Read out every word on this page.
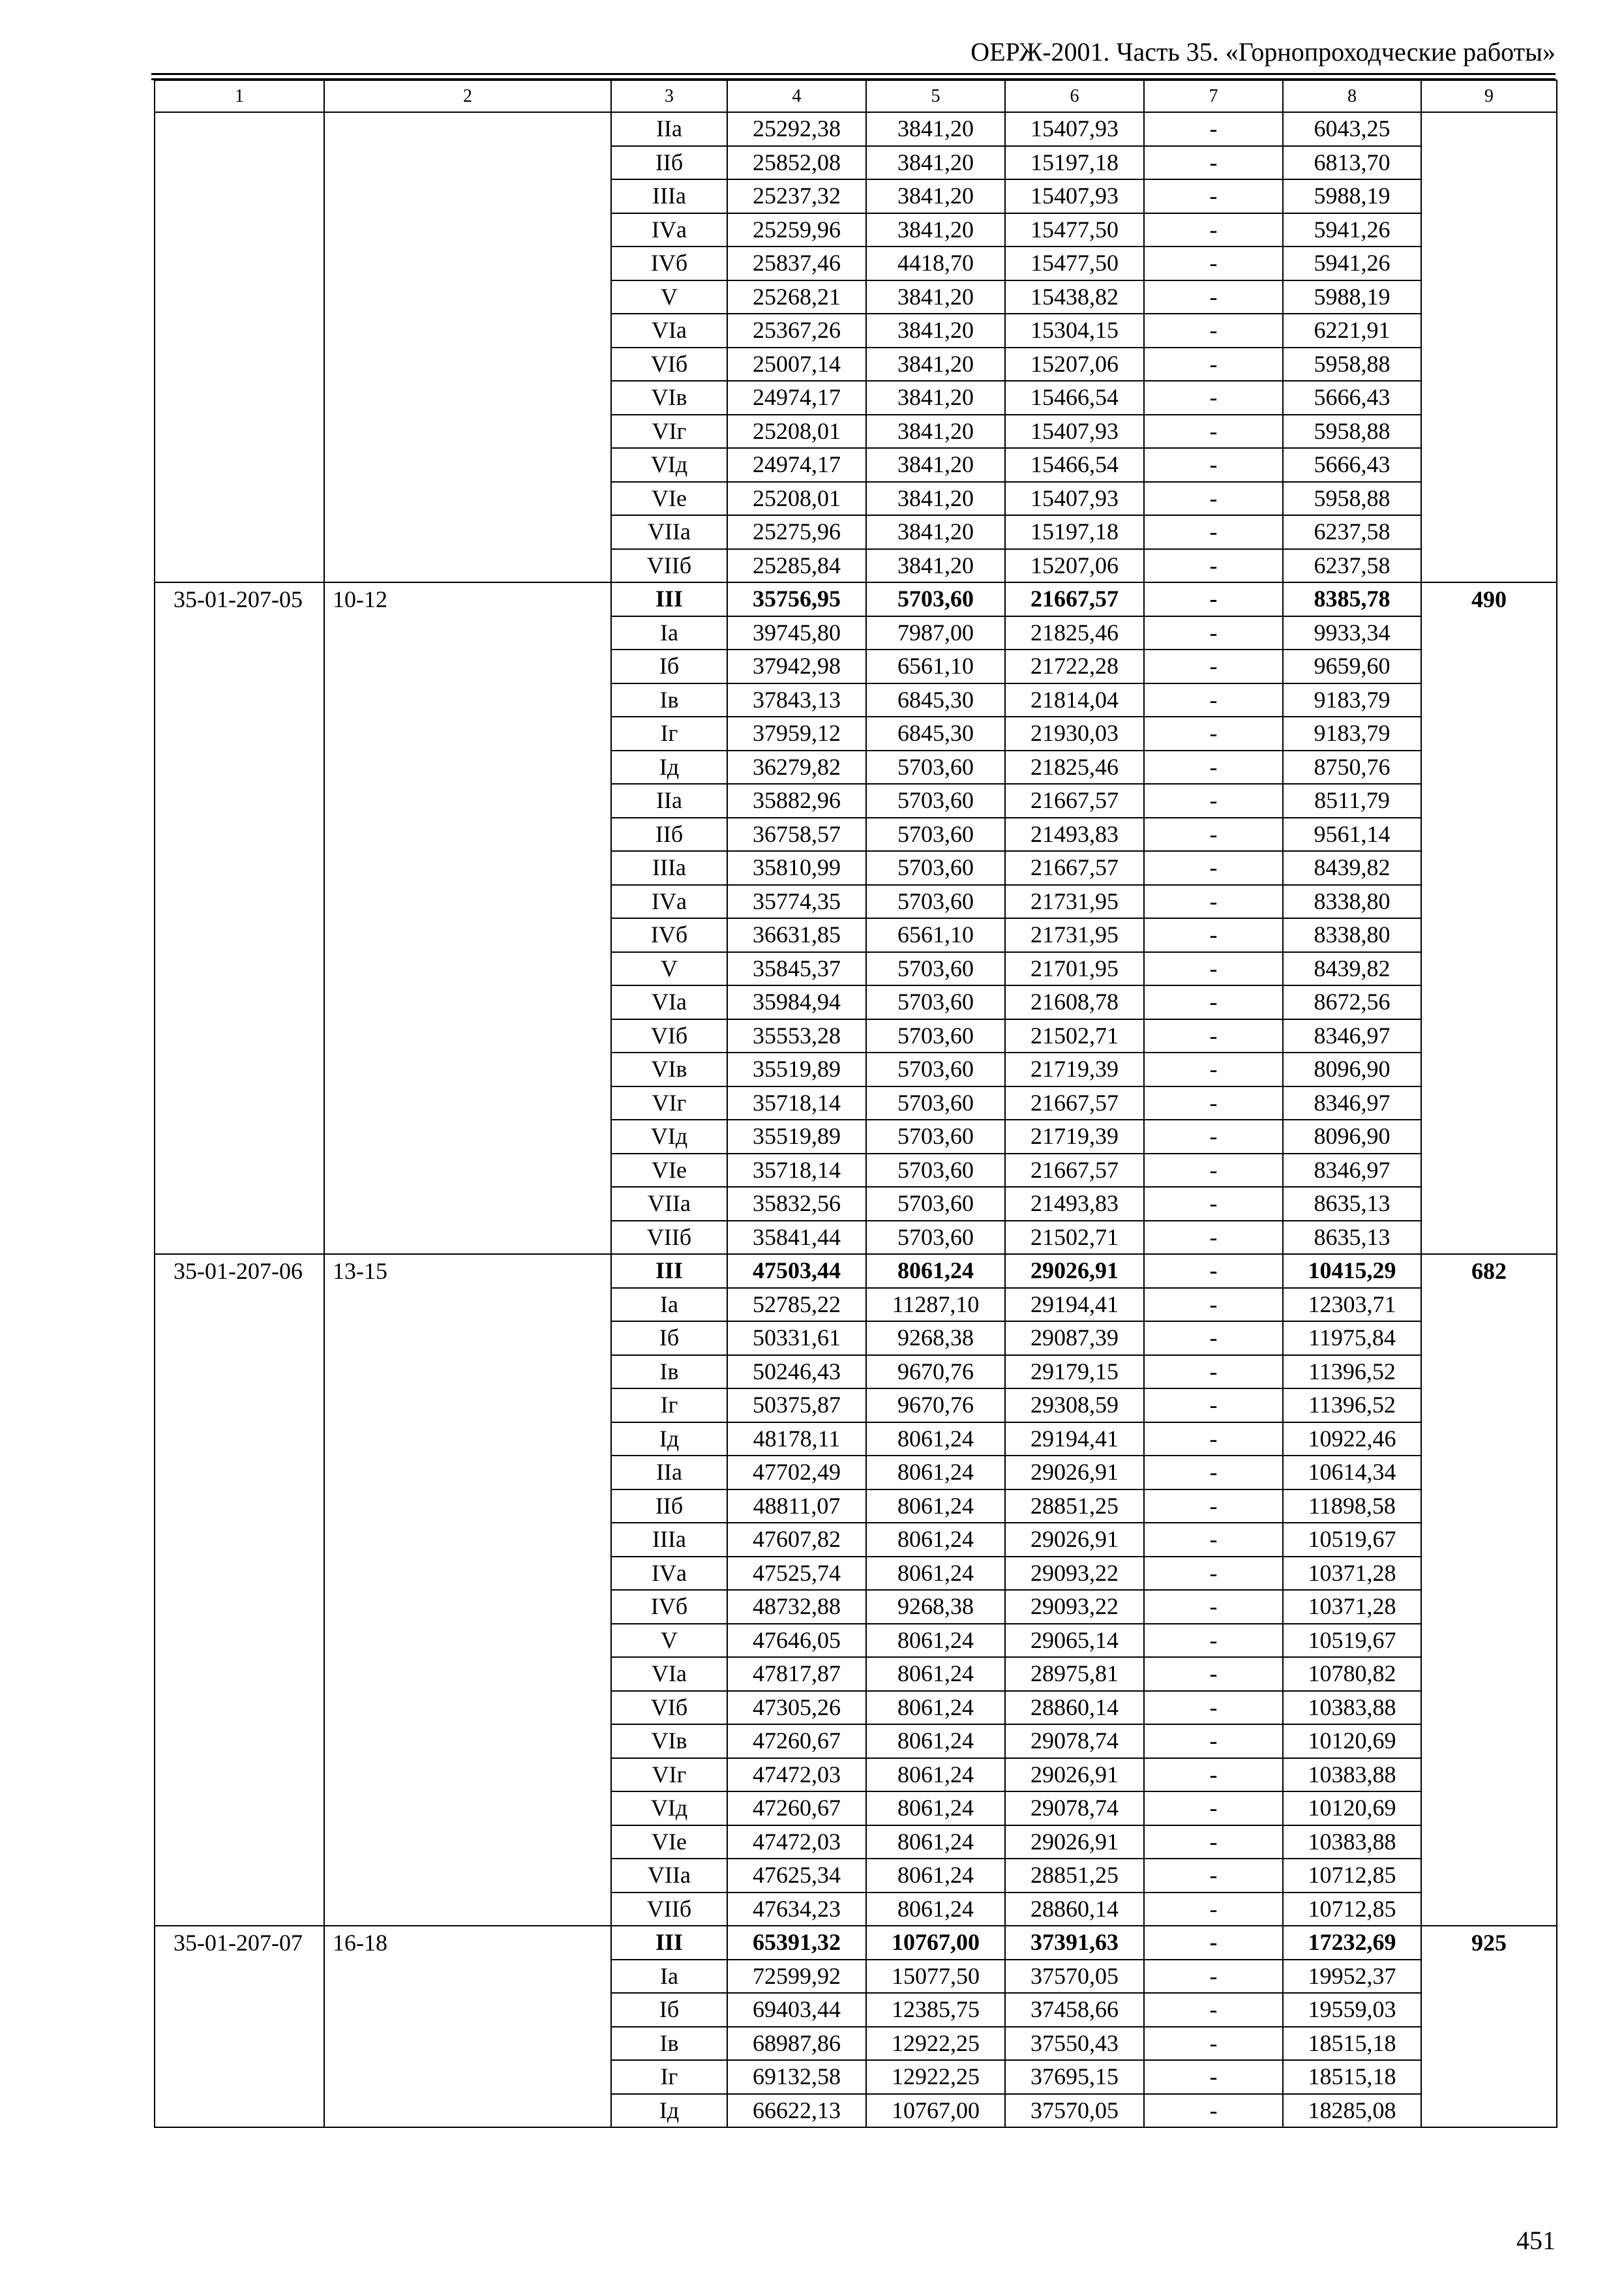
ОЕРЖ-2001. Часть 35. «Горнопроходческие работы»
1	2	3	4	5	6	7	8	9
		IIа	25292,38	3841,20	15407,93	-	6043,25	
		IIб	25852,08	3841,20	15197,18	-	6813,70	
		IIIа	25237,32	3841,20	15407,93	-	5988,19	
		IVа	25259,96	3841,20	15477,50	-	5941,26	
		IVб	25837,46	4418,70	15477,50	-	5941,26	
		V	25268,21	3841,20	15438,82	-	5988,19	
		VIа	25367,26	3841,20	15304,15	-	6221,91	
		VIб	25007,14	3841,20	15207,06	-	5958,88	
		VIв	24974,17	3841,20	15466,54	-	5666,43	
		VIг	25208,01	3841,20	15407,93	-	5958,88	
		VIд	24974,17	3841,20	15466,54	-	5666,43	
		VIе	25208,01	3841,20	15407,93	-	5958,88	
		VIIа	25275,96	3841,20	15197,18	-	6237,58	
		VIIб	25285,84	3841,20	15207,06	-	6237,58	
35-01-207-05	10-12	III	35756,95	5703,60	21667,57	-	8385,78	490
		Iа	39745,80	7987,00	21825,46	-	9933,34	
		Iб	37942,98	6561,10	21722,28	-	9659,60	
		Iв	37843,13	6845,30	21814,04	-	9183,79	
		Iг	37959,12	6845,30	21930,03	-	9183,79	
		Iд	36279,82	5703,60	21825,46	-	8750,76	
		IIа	35882,96	5703,60	21667,57	-	8511,79	
		IIб	36758,57	5703,60	21493,83	-	9561,14	
		IIIа	35810,99	5703,60	21667,57	-	8439,82	
		IVа	35774,35	5703,60	21731,95	-	8338,80	
		IVб	36631,85	6561,10	21731,95	-	8338,80	
		V	35845,37	5703,60	21701,95	-	8439,82	
		VIа	35984,94	5703,60	21608,78	-	8672,56	
		VIб	35553,28	5703,60	21502,71	-	8346,97	
		VIв	35519,89	5703,60	21719,39	-	8096,90	
		VIг	35718,14	5703,60	21667,57	-	8346,97	
		VIд	35519,89	5703,60	21719,39	-	8096,90	
		VIе	35718,14	5703,60	21667,57	-	8346,97	
		VIIа	35832,56	5703,60	21493,83	-	8635,13	
		VIIб	35841,44	5703,60	21502,71	-	8635,13	
35-01-207-06	13-15	III	47503,44	8061,24	29026,91	-	10415,29	682
		Iа	52785,22	11287,10	29194,41	-	12303,71	
		Iб	50331,61	9268,38	29087,39	-	11975,84	
		Iв	50246,43	9670,76	29179,15	-	11396,52	
		Iг	50375,87	9670,76	29308,59	-	11396,52	
		Iд	48178,11	8061,24	29194,41	-	10922,46	
		IIа	47702,49	8061,24	29026,91	-	10614,34	
		IIб	48811,07	8061,24	28851,25	-	11898,58	
		IIIа	47607,82	8061,24	29026,91	-	10519,67	
		IVа	47525,74	8061,24	29093,22	-	10371,28	
		IVб	48732,88	9268,38	29093,22	-	10371,28	
		V	47646,05	8061,24	29065,14	-	10519,67	
		VIа	47817,87	8061,24	28975,81	-	10780,82	
		VIб	47305,26	8061,24	28860,14	-	10383,88	
		VIв	47260,67	8061,24	29078,74	-	10120,69	
		VIг	47472,03	8061,24	29026,91	-	10383,88	
		VIд	47260,67	8061,24	29078,74	-	10120,69	
		VIе	47472,03	8061,24	29026,91	-	10383,88	
		VIIа	47625,34	8061,24	28851,25	-	10712,85	
		VIIб	47634,23	8061,24	28860,14	-	10712,85	
35-01-207-07	16-18	III	65391,32	10767,00	37391,63	-	17232,69	925
		Iа	72599,92	15077,50	37570,05	-	19952,37	
		Iб	69403,44	12385,75	37458,66	-	19559,03	
		Iв	68987,86	12922,25	37550,43	-	18515,18	
		Iг	69132,58	12922,25	37695,15	-	18515,18	
		Iд	66622,13	10767,00	37570,05	-	18285,08	
451
